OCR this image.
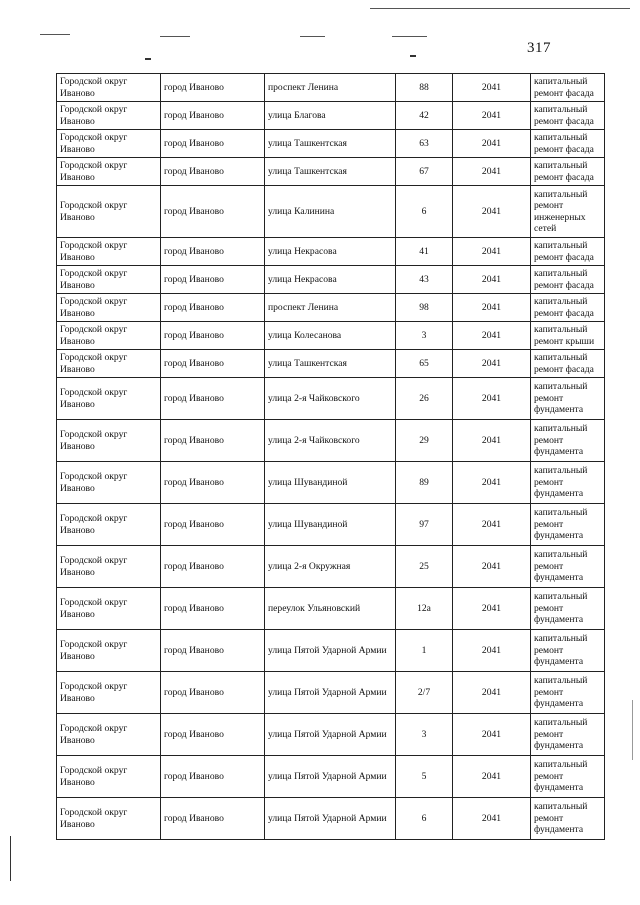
317
Городской округ Иваново	город Иваново	проспект Ленина	88	2041	капитальный ремонт фасада
Городской округ Иваново	город Иваново	улица Благова	42	2041	капитальный ремонт фасада
Городской округ Иваново	город Иваново	улица Ташкентская	63	2041	капитальный ремонт фасада
Городской округ Иваново	город Иваново	улица Ташкентская	67	2041	капитальный ремонт фасада
Городской округ Иваново	город Иваново	улица Калинина	6	2041	капитальный ремонт инженерных сетей
Городской округ Иваново	город Иваново	улица Некрасова	41	2041	капитальный ремонт фасада
Городской округ Иваново	город Иваново	улица Некрасова	43	2041	капитальный ремонт фасада
Городской округ Иваново	город Иваново	проспект Ленина	98	2041	капитальный ремонт фасада
Городской округ Иваново	город Иваново	улица Колесанова	3	2041	капитальный ремонт крыши
Городской округ Иваново	город Иваново	улица Ташкентская	65	2041	капитальный ремонт фасада
Городской округ Иваново	город Иваново	улица 2-я Чайковского	26	2041	капитальный ремонт фундамента
Городской округ Иваново	город Иваново	улица 2-я Чайковского	29	2041	капитальный ремонт фундамента
Городской округ Иваново	город Иваново	улица Шувандиной	89	2041	капитальный ремонт фундамента
Городской округ Иваново	город Иваново	улица Шувандиной	97	2041	капитальный ремонт фундамента
Городской округ Иваново	город Иваново	улица 2-я Окружная	25	2041	капитальный ремонт фундамента
Городской округ Иваново	город Иваново	переулок Ульяновский	12а	2041	капитальный ремонт фундамента
Городской округ Иваново	город Иваново	улица Пятой Ударной Армии	1	2041	капитальный ремонт фундамента
Городской округ Иваново	город Иваново	улица Пятой Ударной Армии	2/7	2041	капитальный ремонт фундамента
Городской округ Иваново	город Иваново	улица Пятой Ударной Армии	3	2041	капитальный ремонт фундамента
Городской округ Иваново	город Иваново	улица Пятой Ударной Армии	5	2041	капитальный ремонт фундамента
Городской округ Иваново	город Иваново	улица Пятой Ударной Армии	6	2041	капитальный ремонт фундамента
